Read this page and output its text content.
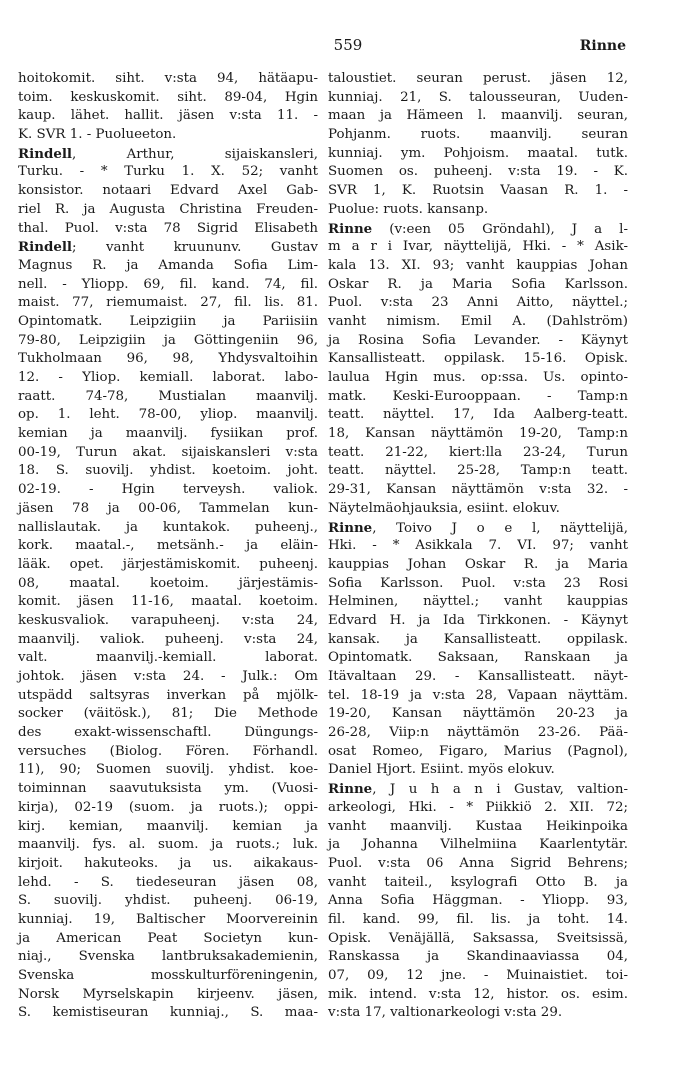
559	Rinne
hoitokomit. siht. v:sta 94, hätäapu-
toim. keskuskomit. siht. 89-04, Hgin
kaup. lähet. hallit. jäsen v:sta 11. -
K. SVR 1. - Puolueeton.
Rindell, Arthur, sijaiskansleri,
Turku. - * Turku 1. X. 52; vanht
konsistor. notaari Edvard Axel Gab-
riel R. ja Augusta Christina Freuden-
thal. Puol. v:sta 78 Sigrid Elisabeth
Rindell; vanht kruununv. Gustav
Magnus R. ja Amanda Sofia Lim-
nell. - Yliopp. 69, fil. kand. 74, fil.
maist. 77, riemumaist. 27, fil. lis. 81.
Opintomatk. Leipzigiin ja Pariisiin
79-80, Leipzigiin ja Göttingeniin 96,
Tukholmaan 96, 98, Yhdysvaltoihin
12. - Yliop. kemiall. laborat. labo-
raatt. 74-78, Mustialan maanvilj.
op. 1. leht. 78-00, yliop. maanvilj.
kemian ja maanvilj. fysiikan prof.
00-19, Turun akat. sijaiskansleri v:sta
18. S. suovilj. yhdist. koetoim. joht.
02-19. - Hgin terveysh. valiok.
jäsen 78 ja 00-06, Tammelan kun-
nallislautak. ja kuntakok. puheenj.,
kork. maatal.-, metsänh.- ja eläin-
lääk. opet. järjestämiskomit. puheenj.
08, maatal. koetoim. järjestämis-
komit. jäsen 11-16, maatal. koetoim.
keskusvaliok. varapuheenj. v:sta 24,
maanvilj. valiok. puheenj. v:sta 24,
valt. maanvilj.-kemiall. laborat.
johtok. jäsen v:sta 24. - Julk.: Om
utspädd saltsyras inverkan på mjölk-
socker (väitösk.), 81; Die Methode
des exakt-wissenschaftl. Düngungs-
versuches (Biolog. Fören. Förhandl.
11), 90; Suomen suovilj. yhdist. koe-
toiminnan saavutuksista ym. (Vuosi-
kirja), 02-19 (suom. ja ruots.); oppi-
kirj. kemian, maanvilj. kemian ja
maanvilj. fys. al. suom. ja ruots.; luk.
kirjoit. hakuteoks. ja us. aikakaus-
lehd. - S. tiedeseuran jäsen 08,
S. suovilj. yhdist. puheenj. 06-19,
kunniaj. 19, Baltischer Moorvereinin
ja American Peat Societyn kun-
niaj., Svenska lantbruksakademienin,
Svenska mosskulturföreningenin,
Norsk Myrselskapin kirjeenv. jäsen,
S. kemistiseuran kunniaj., S. maa-
taloustiet. seuran perust. jäsen 12,
kunniaj. 21, S. talousseuran, Uuden-
maan ja Hämeen l. maanvilj. seuran,
Pohjanm. ruots. maanvilj. seuran
kunniaj. ym. Pohjoism. maatal. tutk.
Suomen os. puheenj. v:sta 19. - K.
SVR 1, K. Ruotsin Vaasan R. 1. -
Puolue: ruots. kansanp.
Rinne (v:een 05 Gröndahl), J a l-
m a r i Ivar, näyttelijä, Hki. - * Asik-
kala 13. XI. 93; vanht kauppias Johan
Oskar R. ja Maria Sofia Karlsson.
Puol. v:sta 23 Anni Aitto, näyttel.;
vanht nimism. Emil A. (Dahlström)
ja Rosina Sofia Levander. - Käynyt
Kansallisteatt. oppilask. 15-16. Opisk.
laulua Hgin mus. op:ssa. Us. opinto-
matk. Keski-Eurooppaan. - Tamp:n
teatt. näyttel. 17, Ida Aalberg-teatt.
18, Kansan näyttämön 19-20, Tamp:n
teatt. 21-22, kiert:lla 23-24, Turun
teatt. näyttel. 25-28, Tamp:n teatt.
29-31, Kansan näyttämön v:sta 32. -
Näytelmäohjauksia, esiint. elokuv.
Rinne, Toivo J o e l, näyttelijä,
Hki. - * Asikkala 7. VI. 97; vanht
kauppias Johan Oskar R. ja Maria
Sofia Karlsson. Puol. v:sta 23 Rosi
Helminen, näyttel.; vanht kauppias
Edvard H. ja Ida Tirkkonen. - Käynyt
kansak. ja Kansallisteatt. oppilask.
Opintomatk. Saksaan, Ranskaan ja
Itävaltaan 29. - Kansallisteatt. näyt-
tel. 18-19 ja v:sta 28, Vapaan näyttäm.
19-20, Kansan näyttämön 20-23 ja
26-28, Viip:n näyttämön 23-26. Pää-
osat Romeo, Figaro, Marius (Pagnol),
Daniel Hjort. Esiint. myös elokuv.
Rinne, J u h a n i Gustav, valtion-
arkeologi, Hki. - * Piikkiö 2. XII. 72;
vanht maanvilj. Kustaa Heikinpoika
ja Johanna Vilhelmiina Kaarlentytär.
Puol. v:sta 06 Anna Sigrid Behrens;
vanht taiteil., ksylografi Otto B. ja
Anna Sofia Häggman. - Yliopp. 93,
fil. kand. 99, fil. lis. ja toht. 14.
Opisk. Venäjällä, Saksassa, Sveitsissä,
Ranskassa ja Skandinaaviassa 04,
07, 09, 12 jne. - Muinaistiet. toi-
mik. intend. v:sta 12, histor. os. esim.
v:sta 17, valtionarkeologi v:sta 29.
